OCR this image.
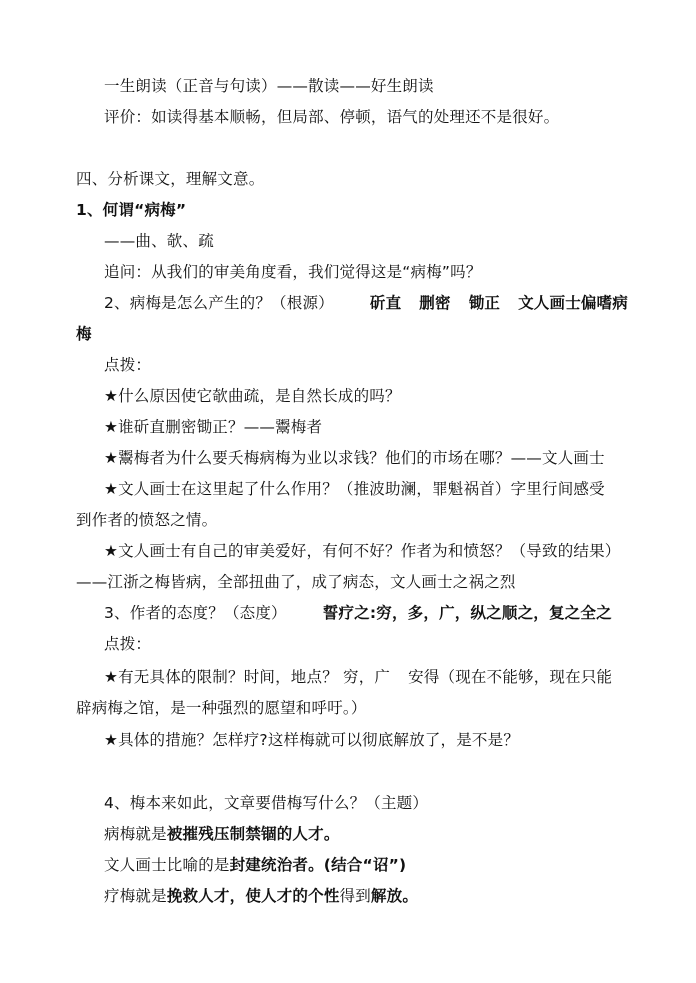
一生朗读（正音与句读）——散读——好生朗读
评价：如读得基本顺畅，但局部、停顿，语气的处理还不是很好。
四、分析课文，理解文意。
1、何谓“病梅”
——曲、欹、疏
追问：从我们的审美角度看，我们觉得这是“病梅”吗？
2、病梅是怎么产生的？（根源） 斫直 删密 锄正 文人画士偏嗜病
梅
点拨：
★什么原因使它欹曲疏，是自然长成的吗？
★谁斫直删密锄正？——鬻梅者
★鬻梅者为什么要夭梅病梅为业以求钱？他们的市场在哪？——文人画士
★文人画士在这里起了什么作用？（推波助澜，罪魁祸首）字里行间感受
到作者的愤怒之情。
★文人画士有自己的审美爱好，有何不好？作者为和愤怒？（导致的结果）
——江浙之梅皆病，全部扭曲了，成了病态，文人画士之祸之烈
3、作者的态度？（态度） 誓疗之:穷，多，广，纵之顺之，复之全之
点拨：
★有无具体的限制？时间，地点？ 穷，广 安得（现在不能够，现在只能
辟病梅之馆，是一种强烈的愿望和呼吁。）
★具体的措施？怎样疗?这样梅就可以彻底解放了，是不是？
4、梅本来如此，文章要借梅写什么？（主题）
病梅就是被摧残压制禁锢的人才。
文人画士比喻的是封建统治者。(结合“诏”)
疗梅就是挽救人才，使人才的个性得到解放。
